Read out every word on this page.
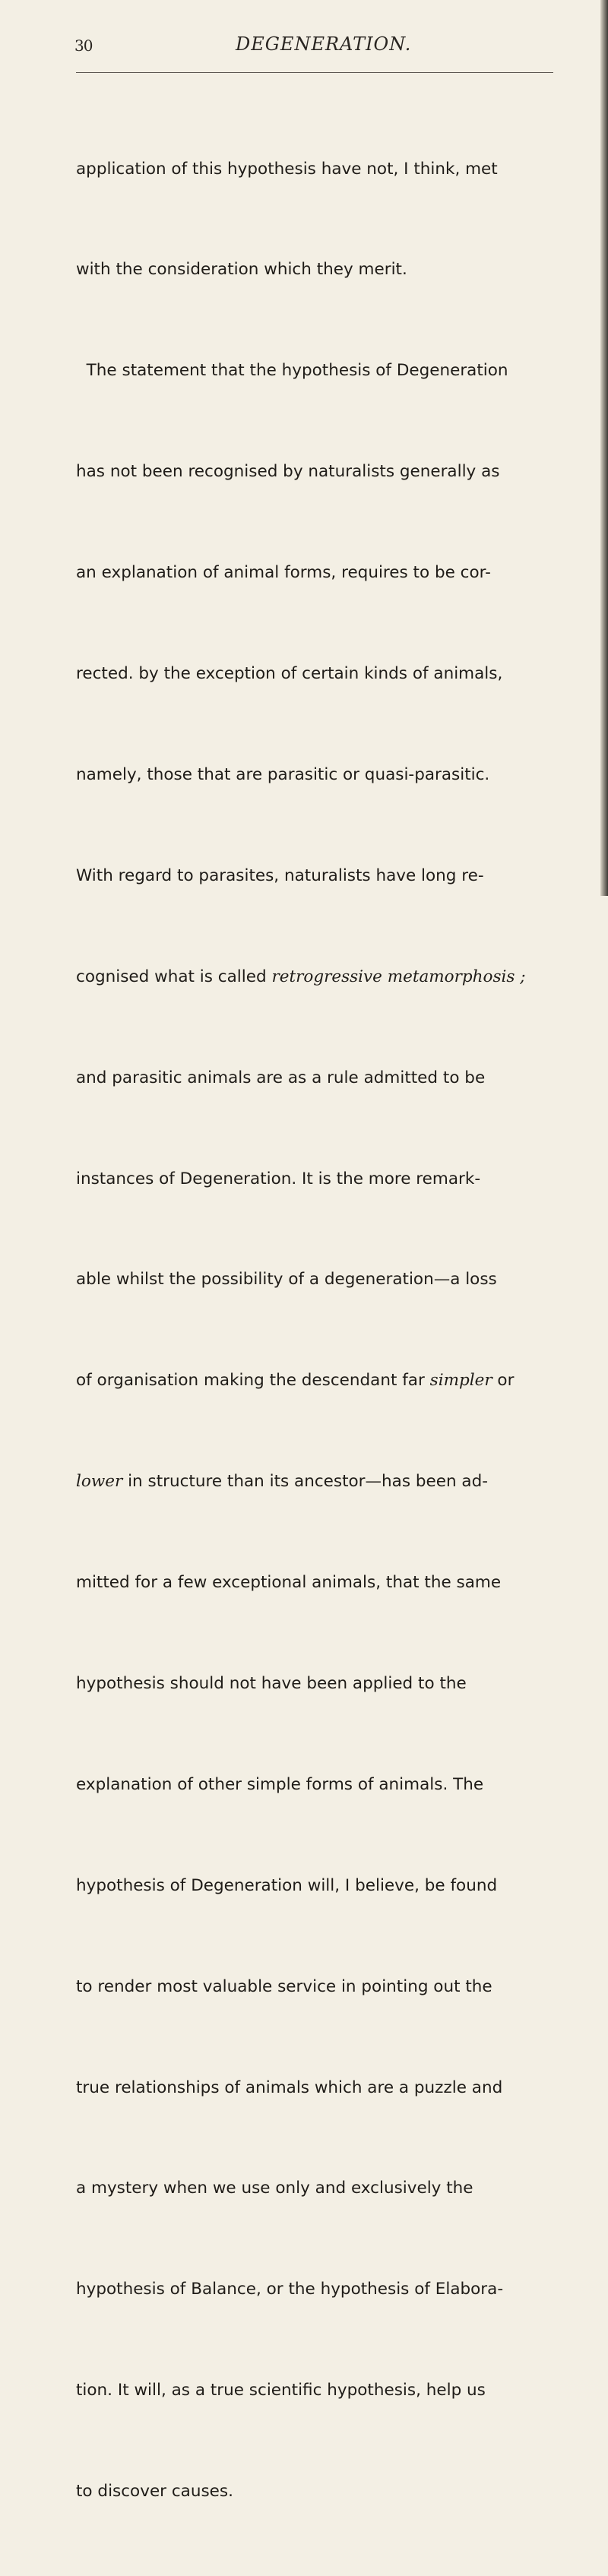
30	DEGENERATION.

application of this hypothesis have not, I think, met

with the consideration which they merit.

The statement that the hypothesis of Degeneration

has not been recognised by naturalists generally as

an explanation of animal forms, requires to be cor-

rected. by the exception of certain kinds of animals,

namely, those that are parasitic or quasi-parasitic.

With regard to parasites, naturalists have long re-

cognised what is called retrogressive metamorphosis ;

and parasitic animals are as a rule admitted to be

instances of Degeneration. It is the more remark-

able whilst the possibility of a degeneration—a loss

of organisation making the descendant far simpler or

lower in structure than its ancestor—has been ad-

mitted for a few exceptional animals, that the same

hypothesis should not have been applied to the

explanation of other simple forms of animals. The

hypothesis of Degeneration will, I believe, be found

to render most valuable service in pointing out the

true relationships of animals which are a puzzle and

a mystery when we use only and exclusively the

hypothesis of Balance, or the hypothesis of Elabora-

tion. It will, as a true scientific hypothesis, help us

to discover causes.
